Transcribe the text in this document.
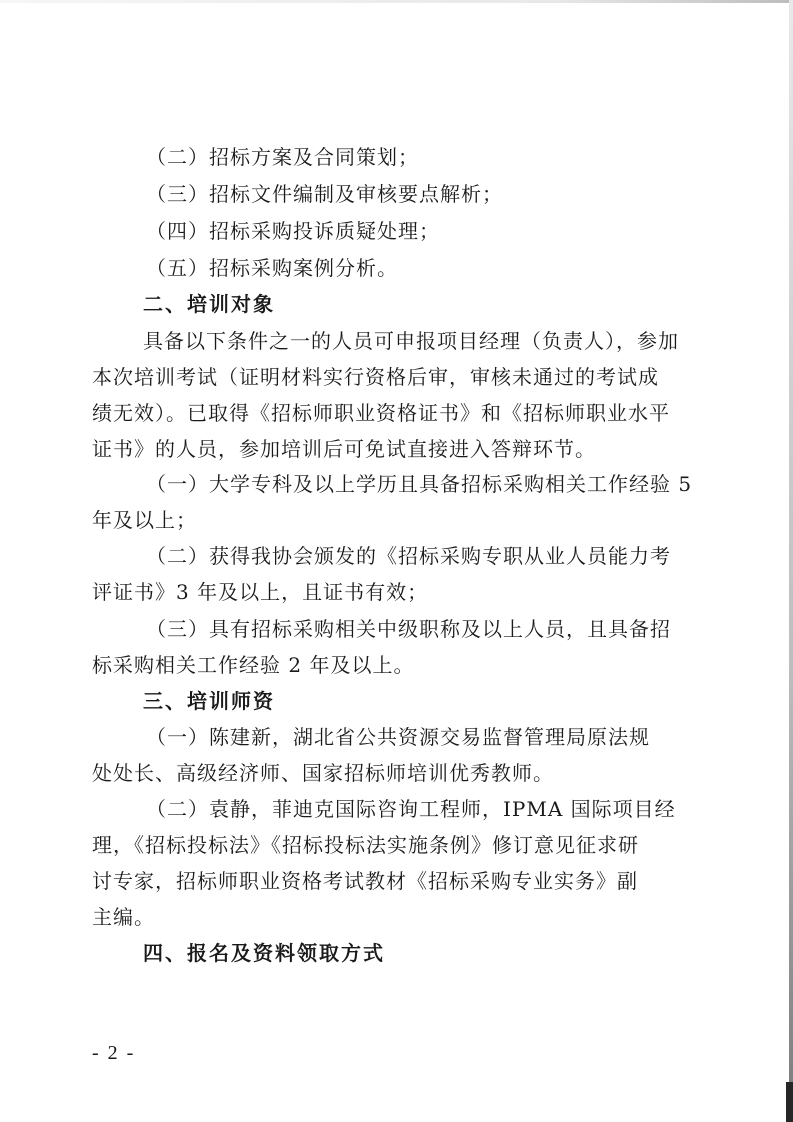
（二）招标方案及合同策划；
（三）招标文件编制及审核要点解析；
（四）招标采购投诉质疑处理；
（五）招标采购案例分析。
二、培训对象
具备以下条件之一的人员可申报项目经理（负责人），参加
本次培训考试（证明材料实行资格后审，审核未通过的考试成
绩无效）。已取得《招标师职业资格证书》和《招标师职业水平
证书》的人员，参加培训后可免试直接进入答辩环节。
（一）大学专科及以上学历且具备招标采购相关工作经验 5
年及以上；
（二）获得我协会颁发的《招标采购专职从业人员能力考
评证书》3 年及以上，且证书有效；
（三）具有招标采购相关中级职称及以上人员，且具备招
标采购相关工作经验 2 年及以上。
三、培训师资
（一）陈建新，湖北省公共资源交易监督管理局原法规
处处长、高级经济师、国家招标师培训优秀教师。
（二）袁静，菲迪克国际咨询工程师，IPMA 国际项目经
理，《招标投标法》《招标投标法实施条例》修订意见征求研
讨专家，招标师职业资格考试教材《招标采购专业实务》副
主编。
四、报名及资料领取方式
- 2 -
